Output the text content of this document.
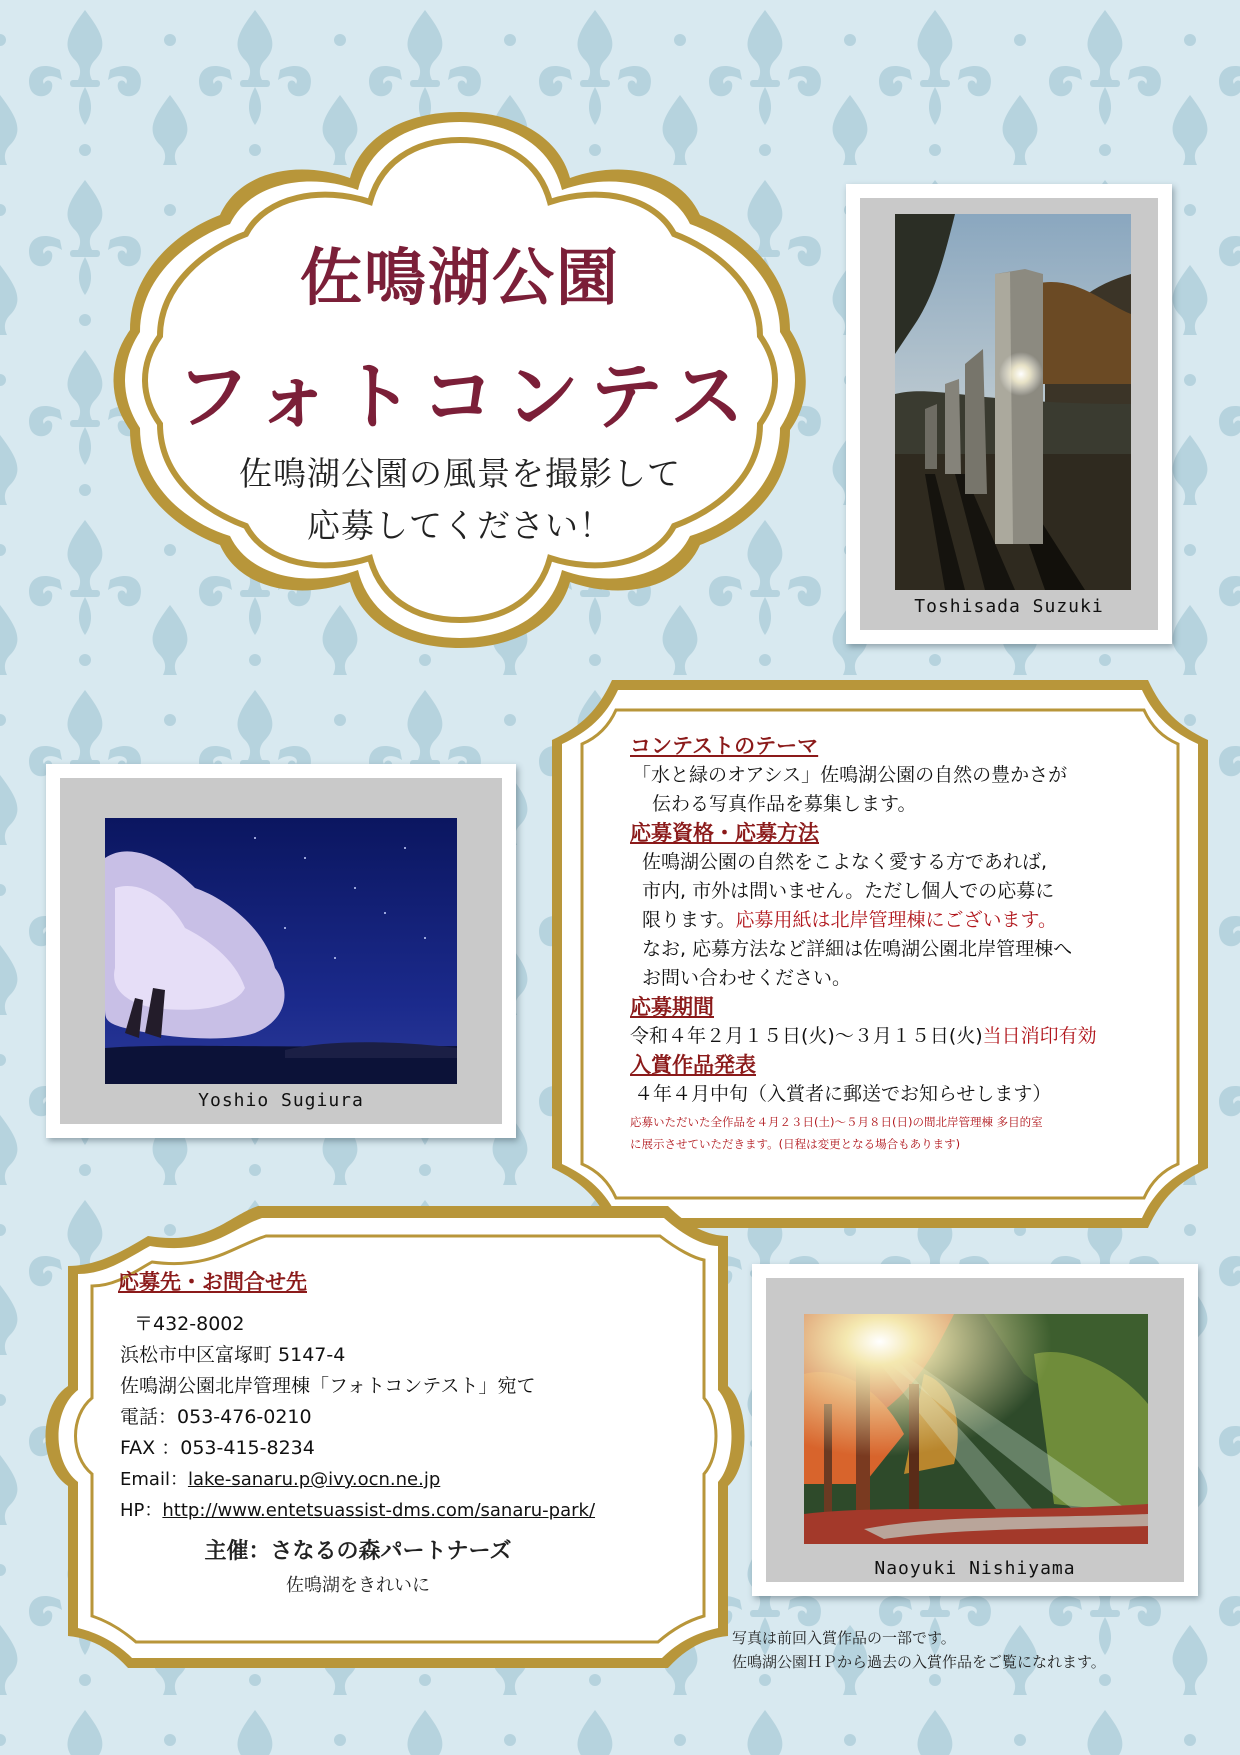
佐鳴湖公園
フォトコンテス
佐鳴湖公園の風景を撮影して
応募してください！
Toshisada Suzuki
Yoshio Sugiura
コンテストのテーマ
「水と緑のオアシス」佐鳴湖公園の自然の豊かさが
伝わる写真作品を募集します。
応募資格・応募方法
佐鳴湖公園の自然をこよなく愛する方であれば,
市内, 市外は問いません。ただし個人での応募に
限ります。応募用紙は北岸管理棟にございます。
なお, 応募方法など詳細は佐鳴湖公園北岸管理棟へ
お問い合わせください。
応募期間
令和４年２月１５日(火)～３月１５日(火)当日消印有効
入賞作品発表
４年４月中旬（入賞者に郵送でお知らせします）
応募いただいた全作品を４月２３日(土)～５月８日(日)の間北岸管理棟 多目的室
に展示させていただきます。(日程は変更となる場合もあります)
応募先・お問合せ先
〒432-8002
浜松市中区富塚町 5147-4
佐鳴湖公園北岸管理棟「フォトコンテスト」宛て
電話：053-476-0210
FAX ：053-415-8234
Email：lake-sanaru.p@ivy.ocn.ne.jp
HP：http://www.entetsuassist-dms.com/sanaru-park/
主催：さなるの森パートナーズ
佐鳴湖をきれいに
Naoyuki Nishiyama
写真は前回入賞作品の一部です。
佐鳴湖公園ＨＰから過去の入賞作品をご覧になれます。
